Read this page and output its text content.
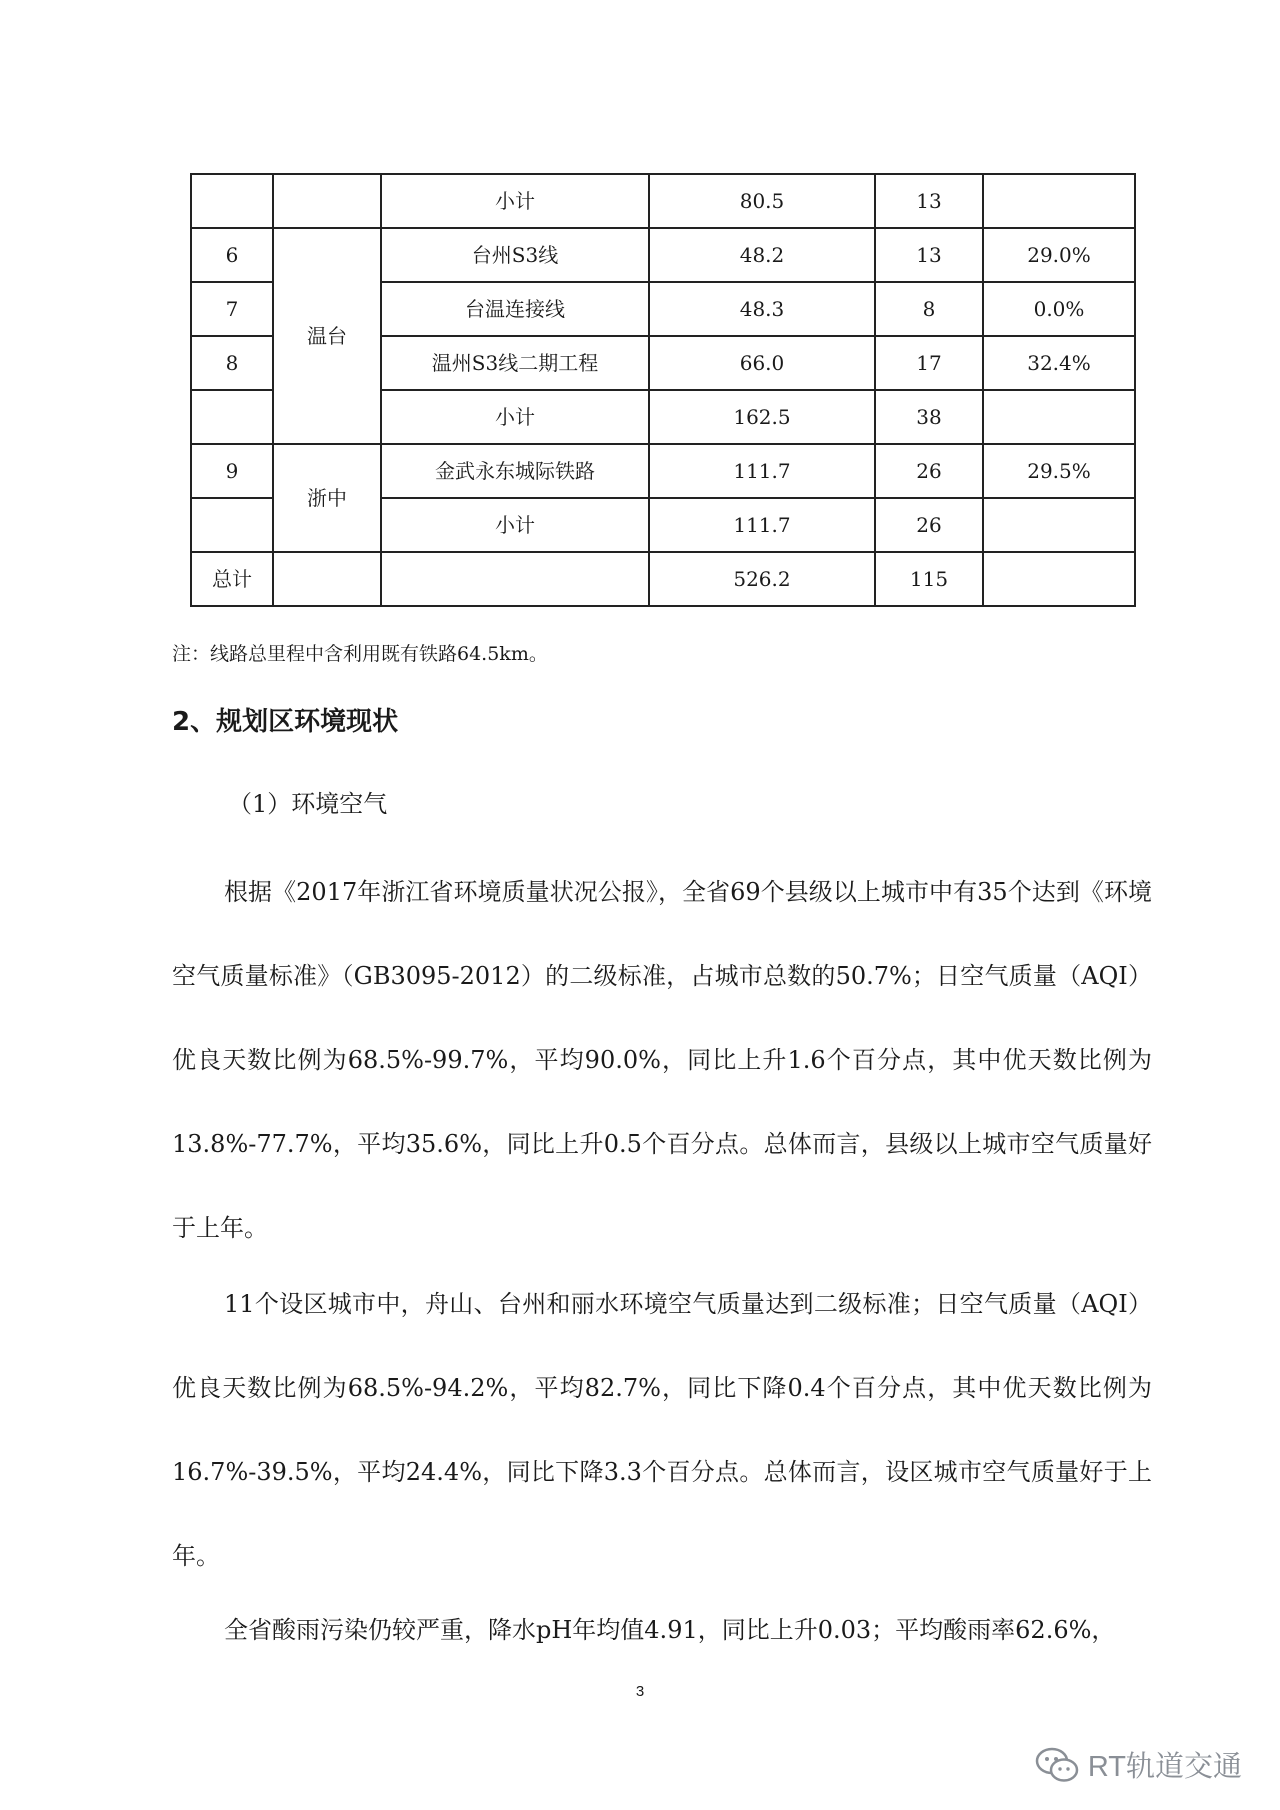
		小计	80.5	13	
6	温台	台州S3线	48.2	13	29.0%
7		台温连接线	48.3	8	0.0%
8		温州S3线二期工程	66.0	17	32.4%
		小计	162.5	38	
9	浙中	金武永东城际铁路	111.7	26	29.5%
		小计	111.7	26	
总计			526.2	115	
注：线路总里程中含利用既有铁路64.5km。
2、规划区环境现状
（1）环境空气

根据《2017年浙江省环境质量状况公报》，全省69个县级以上城市中有35个达到《环境空气质量标准》（GB3095-2012）的二级标准，占城市总数的50.7%；日空气质量（AQI）优良天数比例为68.5%-99.7%，平均90.0%，同比上升1.6个百分点，其中优天数比例为13.8%-77.7%，平均35.6%，同比上升0.5个百分点。总体而言，县级以上城市空气质量好于上年。

11个设区城市中，舟山、台州和丽水环境空气质量达到二级标准；日空气质量（AQI）优良天数比例为68.5%-94.2%，平均82.7%，同比下降0.4个百分点，其中优天数比例为16.7%-39.5%，平均24.4%，同比下降3.3个百分点。总体而言，设区城市空气质量好于上年。

全省酸雨污染仍较严重，降水pH年均值4.91，同比上升0.03；平均酸雨率62.6%，

3
RT轨道交通
